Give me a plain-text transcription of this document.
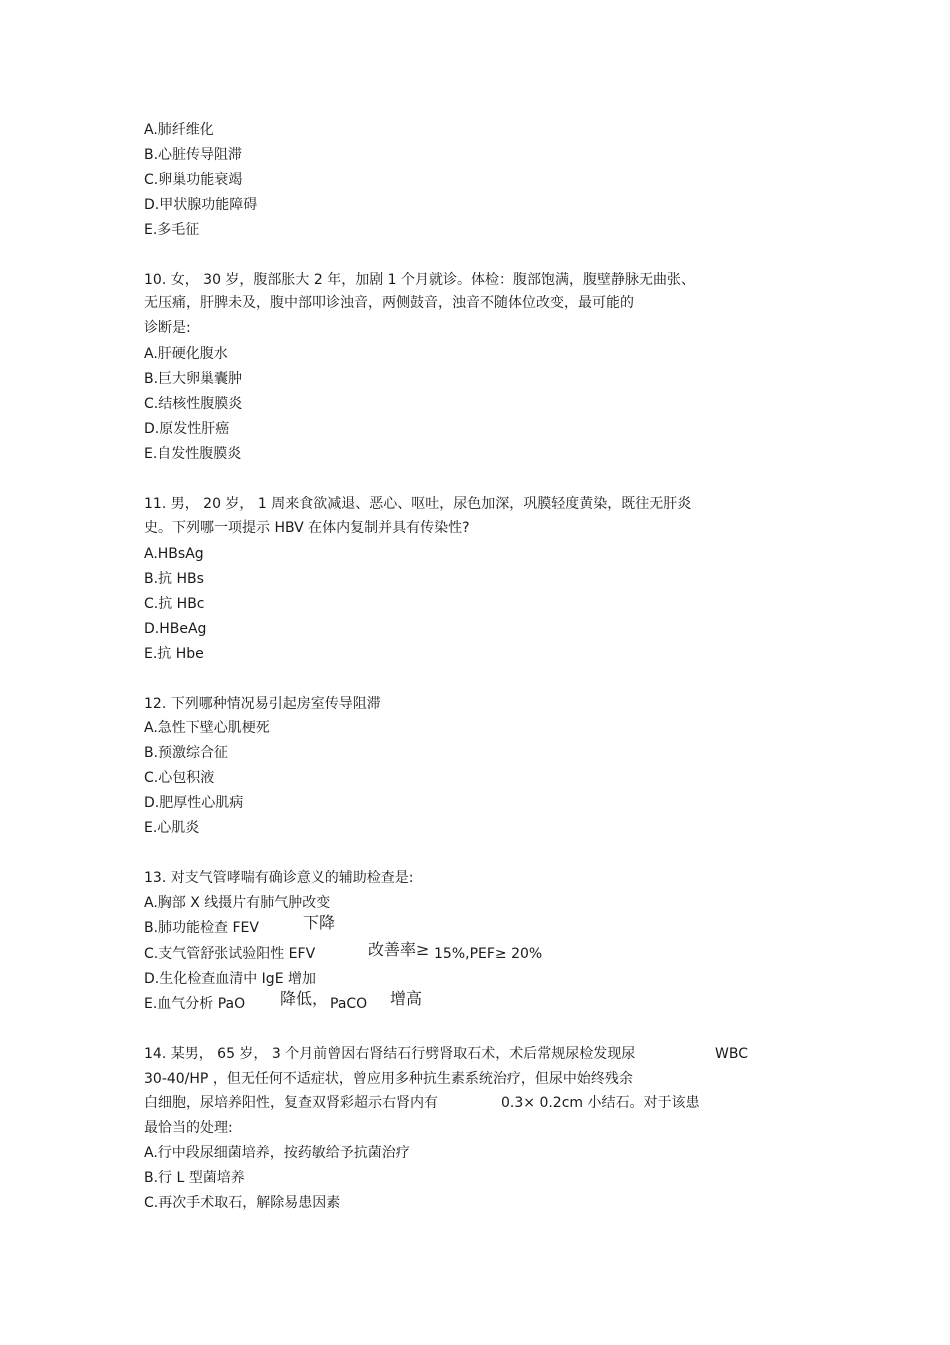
A.肺纤维化
B.心脏传导阻滞
C.卵巢功能衰竭
D.甲状腺功能障碍
E.多毛征
10. 女， 30 岁，腹部胀大 2 年，加剧 1 个月就诊。体检：腹部饱满，腹壁静脉无曲张、
无压痛，肝脾未及，腹中部叩诊浊音，两侧鼓音，浊音不随体位改变，最可能的
诊断是:
A.肝硬化腹水
B.巨大卵巢囊肿
C.结核性腹膜炎
D.原发性肝癌
E.自发性腹膜炎
11. 男， 20 岁， 1 周来食欲减退、恶心、呕吐，尿色加深，巩膜轻度黄染，既往无肝炎
史。下列哪一项提示 HBV 在体内复制并具有传染性?
A.HBsAg
B.抗 HBs
C.抗 HBc
D.HBeAg
E.抗 Hbe
12. 下列哪种情况易引起房室传导阻滞
A.急性下壁心肌梗死
B.预激综合征
C.心包积液
D.肥厚性心肌病
E.心肌炎
13. 对支气管哮喘有确诊意义的辅助检查是:
A.胸部 X 线摄片有肺气肿改变
B.肺功能检查 FEV	下降
C.支气管舒张试验阳性 EFV	改善率≥ 15%,PEF≥ 20%
D.生化检查血清中 IgE 增加
E.血气分析 PaO 降低， PaCO 增高
14. 某男， 65 岁， 3 个月前曾因右肾结石行劈肾取石术，术后常规尿检发现尿	WBC
30-40/HP ，但无任何不适症状，曾应用多种抗生素系统治疗，但尿中始终残余
白细胞，尿培养阳性，复查双肾彩超示右肾内有	0.3× 0.2cm 小结石。对于该患
最恰当的处理:
A.行中段尿细菌培养，按药敏给予抗菌治疗
B.行 L 型菌培养
C.再次手术取石，解除易患因素
